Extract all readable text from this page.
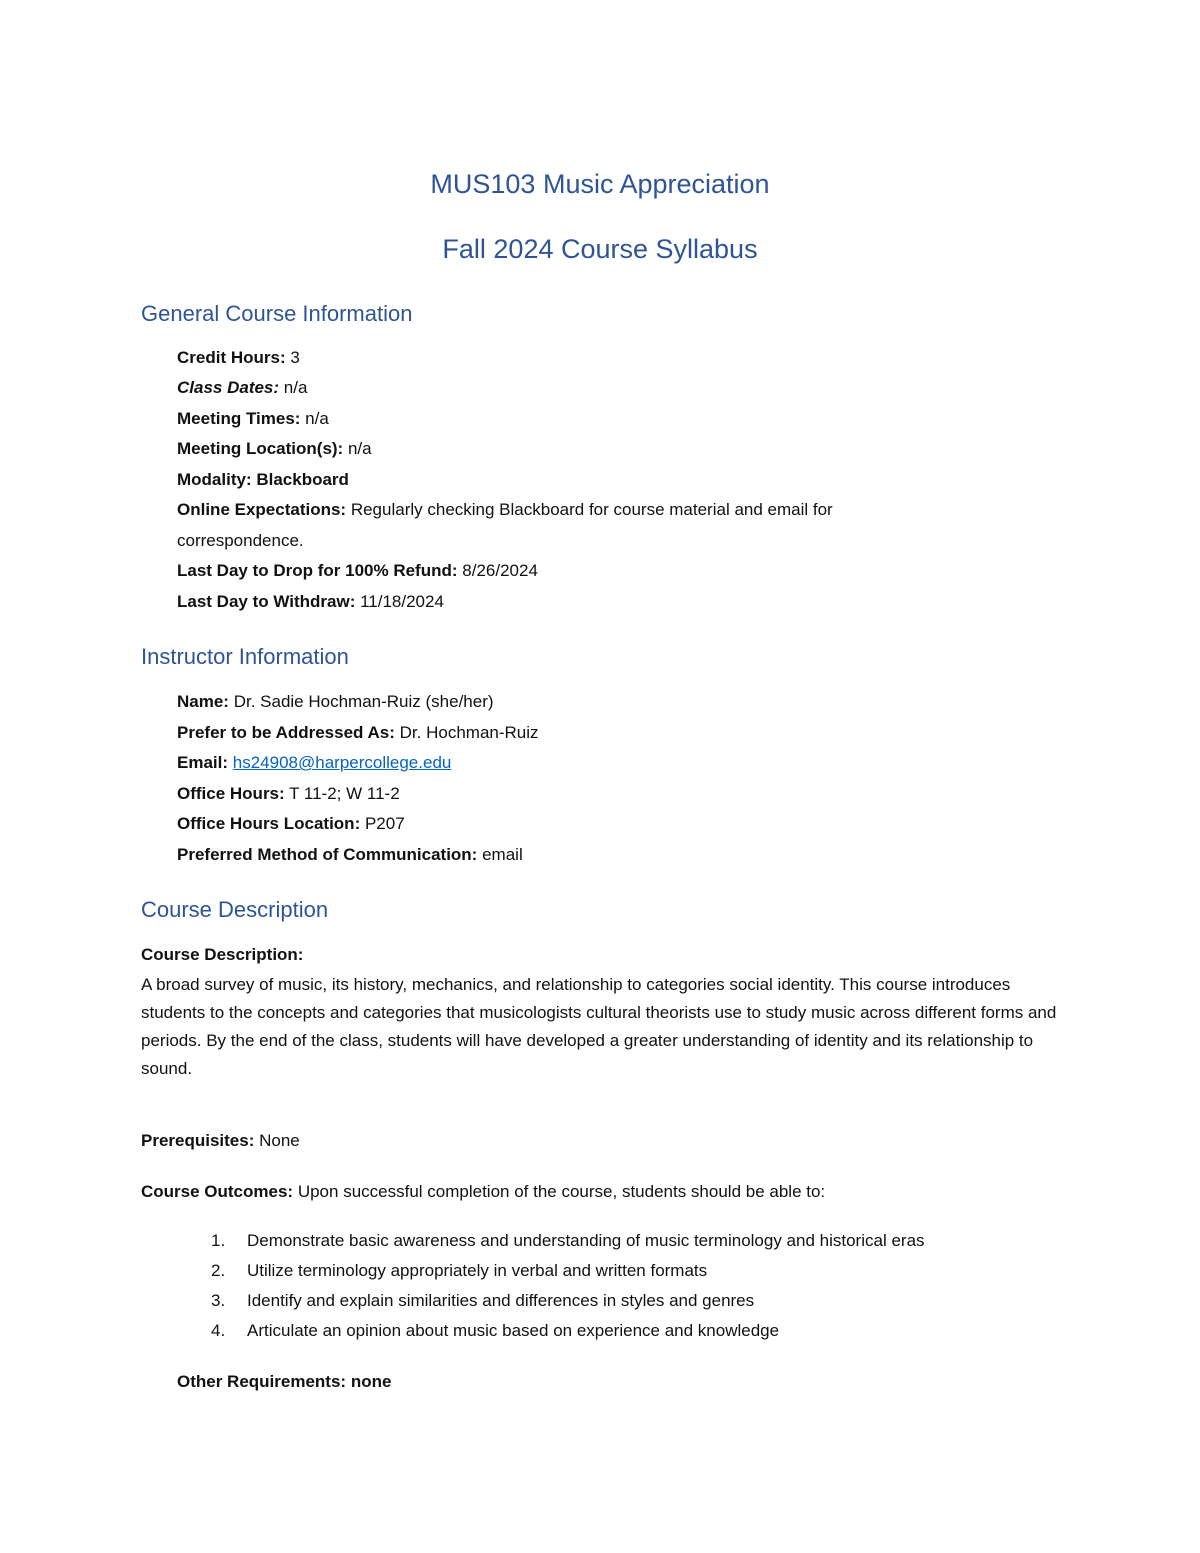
MUS103 Music Appreciation
Fall 2024 Course Syllabus
General Course Information
Credit Hours: 3
Class Dates: n/a
Meeting Times: n/a
Meeting Location(s): n/a
Modality: Blackboard
Online Expectations: Regularly checking Blackboard for course material and email for
correspondence.
Last Day to Drop for 100% Refund: 8/26/2024
Last Day to Withdraw: 11/18/2024
Instructor Information
Name: Dr. Sadie Hochman-Ruiz (she/her)
Prefer to be Addressed As: Dr. Hochman-Ruiz
Email: hs24908@harpercollege.edu
Office Hours: T 11-2; W 11-2
Office Hours Location: P207
Preferred Method of Communication: email
Course Description
Course Description:
A broad survey of music, its history, mechanics, and relationship to categories social identity. This course introduces students to the concepts and categories that musicologists cultural theorists use to study music across different forms and periods. By the end of the class, students will have developed a greater understanding of identity and its relationship to sound.
Prerequisites: None
Course Outcomes: Upon successful completion of the course, students should be able to:
1.	Demonstrate basic awareness and understanding of music terminology and historical eras
2.	Utilize terminology appropriately in verbal and written formats
3.	Identify and explain similarities and differences in styles and genres
4.	Articulate an opinion about music based on experience and knowledge
Other Requirements: none
